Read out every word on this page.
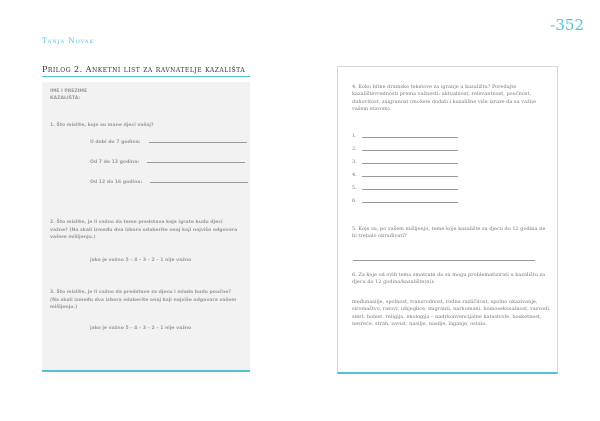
-352
Tanja Novak
Prilog 2. Anketni list za ravnatelje kazališta
IME I PREZIME
KAZALIŠTA:
1. Što mislite, koje su mane djeci vašoj?
U dobi do 7 godina:
Od 7 do 12 godina:
Od 12 do 16 godina:
2. Što mislite, je li važno da teme predstava koje igrate budu djeci
važne? (Na skali između dva izbora odaberite onaj koji najviše odgovara
vašem mišljenju.)
jako je važno 5 – 4 – 3 – 2 – 1 nije važno
3. Što mislite, je li važno da predstave za djecu i mlade budu poučne?
(Na skali između dva izbora odaberite onaj koji najviše odgovara vašem
mišljenju.)
jako je važno 5 – 4 – 3 – 2 – 1 nije važno
4. Koko bitne dramske tekstove za igranje u kazalištu? Poredajte kazalištevrednosti prema važnosti: aktualnost, relevantnost, poučnost, duhovitost, zaigranost (možete dodati i kazališne više izraze da su važne vašem stavom).
1.
2.
3.
4.
5.
6.
5. Koje su, po vašem mišljenju, teme koje kazalište za djecu do 12 godina ne bi trebalo obrađivati?
6. Za koje od ovih tema smatrate da su mogu problematizirati u kazalištu za djecu do 12 godina/kazalište(ni):
međunasilje, spolnost, transrodnost, rodna različitost, spolno ukazivanje, siromaštvo, ratovi, izbjeglice, migranti, narkomani, homoseksualnost, razvodi, smrt, bolest, religija, ekologija – nadrkonvencijalne katastrofe, bosketnost, nesreće, strah, zavist, nasilje, nasilje, laganje, ostalo.
